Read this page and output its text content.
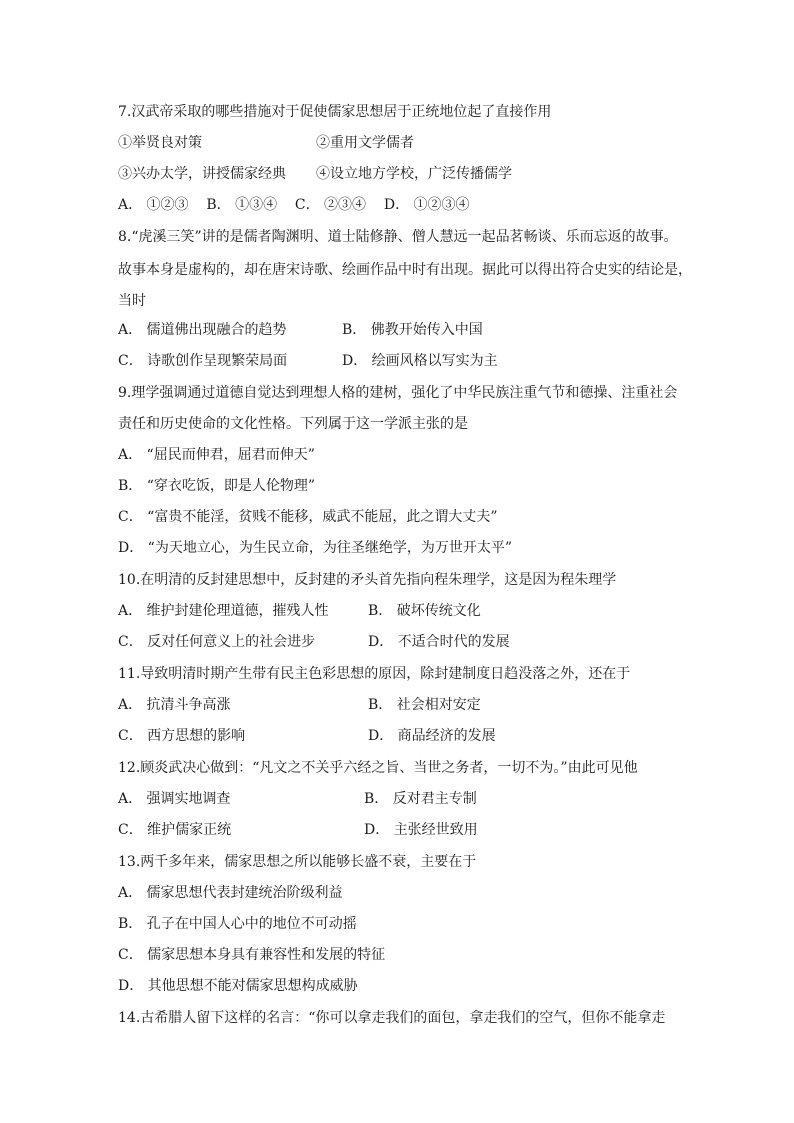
7.汉武帝采取的哪些措施对于促使儒家思想居于正统地位起了直接作用
①举贤良对策	②重用文学儒者
③兴办太学，讲授儒家经典 ④设立地方学校，广泛传播儒学
A． ①②③    B． ①③④    C． ②③④    D． ①②③④
8.“虎溪三笑”讲的是儒者陶渊明、道士陆修静、僧人慧远一起品茗畅谈、乐而忘返的故事。
故事本身是虚构的，却在唐宋诗歌、绘画作品中时有出现。据此可以得出符合史实的结论是，
当时
A． 儒道佛出现融合的趋势	B． 佛教开始传入中国
C． 诗歌创作呈现繁荣局面	D． 绘画风格以写实为主
9.理学强调通过道德自觉达到理想人格的建树，强化了中华民族注重气节和德操、注重社会
责任和历史使命的文化性格。下列属于这一学派主张的是
A． “屈民而伸君，屈君而伸天”
B． “穿衣吃饭，即是人伦物理”
C． “富贵不能淫，贫贱不能移，威武不能屈，此之谓大丈夫”
D． “为天地立心，为生民立命，为往圣继绝学，为万世开太平”
10.在明清的反封建思想中，反封建的矛头首先指向程朱理学，这是因为程朱理学
A． 维护封建伦理道德，摧残人性	B． 破坏传统文化
C． 反对任何意义上的社会进步	D． 不适合时代的发展
11.导致明清时期产生带有民主色彩思想的原因，除封建制度日趋没落之外，还在于
A． 抗清斗争高涨	B． 社会相对安定
C． 西方思想的影响	D． 商品经济的发展
12.顾炎武决心做到：“凡文之不关乎六经之旨、当世之务者，一切不为。”由此可见他
A． 强调实地调查	B． 反对君主专制
C． 维护儒家正统	D． 主张经世致用
13.两千多年来，儒家思想之所以能够长盛不衰，主要在于
A． 儒家思想代表封建统治阶级利益
B． 孔子在中国人心中的地位不可动摇
C． 儒家思想本身具有兼容性和发展的特征
D． 其他思想不能对儒家思想构成威胁
14.古希腊人留下这样的名言：“你可以拿走我们的面包，拿走我们的空气，但你不能拿走
